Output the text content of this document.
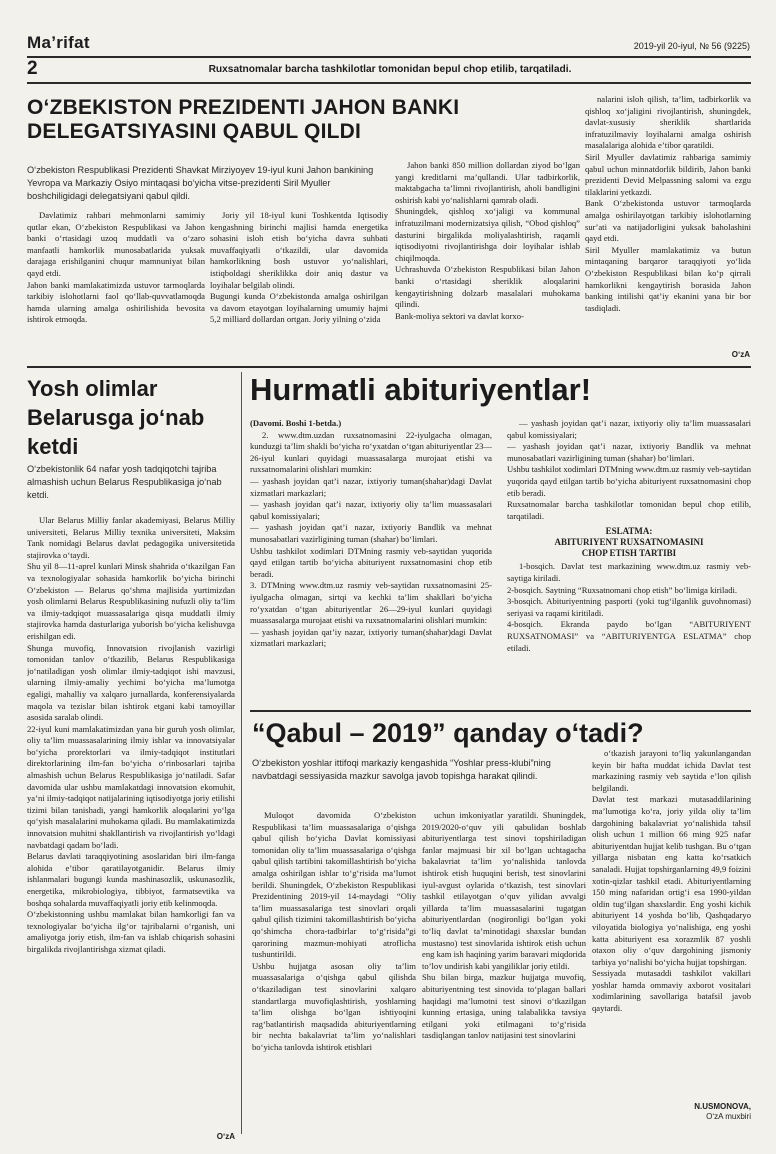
Maʼrifat	2019-yil 20-iyul, № 56 (9225)
2	Ruxsatnomalar barcha tashkilotlar tomonidan bepul chop etilib, tarqatiladi.
OʻZBEKISTON PREZIDENTI JAHON BANKI
DELEGATSIYASINI QABUL QILDI
Oʻzbekiston Respublikasi Prezidenti Shavkat Mirziyoyev 19-iyul kuni Jahon bankining Yevropa va Markaziy Osiyo mintaqasi boʻyicha vitse-prezidenti Siril Myuller boshchiligidagi delegatsiyani qabul qildi.

Davlatimiz rahbari mehmonlarni samimiy qutlar ekan, Oʻzbekiston Respublikasi va Jahon banki oʻrtasidagi uzoq muddatli va oʻzaro manfaatli hamkorlik munosabatlarida yuksak darajaga erishilganini chuqur mamnuniyat bilan qayd etdi.
Jahon banki mamlakatimizda ustuvor tarmoqlarda tarkibiy islohotlarni faol qoʻllab-quvvatlamoqda hamda ularning amalga oshirilishida bevosita ishtirok etmoqda.

Joriy yil 18-iyul kuni Toshkentda Iqtisodiy kengashning birinchi majlisi hamda energetika sohasini isloh etish boʻyicha davra suhbati muvaffaqiyatli oʻtkazildi, ular davomida hamkorlikning bosh ustuvor yoʻnalishlari, istiqboldagi sheriklikka doir aniq dastur va loyihalar belgilab olindi.
Bugungi kunda Oʻzbekistonda amalga oshirilgan va davom etayotgan loyihalarning umumiy hajmi 5,2 milliard dollardan ortgan. Joriy yilning oʻzida

Jahon banki 850 million dollardan ziyod boʻlgan yangi kreditlarni maʼqullandi. Ular tadbirkorlik, maktabgacha taʼlimni rivojlantirish, aholi bandligini oshirish kabi yoʻnalishlarni qamrab oladi.
Shuningdek, qishloq xoʻjaligi va kommunal infratuzilmani modernizatsiya qilish, “Obod qishloq” dasturini birgalikda moliyalashtirish, raqamli iqtisodiyotni rivojlantirishga doir loyihalar ishlab chiqilmoqda.
Uchrashuvda Oʻzbekiston Respublikasi bilan Jahon banki oʻrtasidagi sheriklik aloqalarini kengaytirishning dolzarb masalalari muhokama qilindi.
Bank-moliya sektori va davlat korxo-

nalarini isloh qilish, taʼlim, tadbirkorlik va qishloq xoʻjaligini rivojlantirish, shuningdek, davlat-xususiy sheriklik shartlarida infratuzilmaviy loyihalarni amalga oshirish masalalariga alohida eʼtibor qaratildi.
Siril Myuller davlatimiz rahbariga samimiy qabul uchun minnatdorlik bildirib, Jahon banki prezidenti Devid Melpassning salomi va ezgu tilaklarini yetkazdi.
Bank Oʻzbekistonda ustuvor tarmoqlarda amalga oshirilayotgan tarkibiy islohotlarning surʼati va natijadorligini yuksak baholashini qayd etdi.
Siril Myuller mamlakatimiz va butun mintaqaning barqaror taraqqiyoti yoʻlida Oʻzbekiston Respublikasi bilan koʻp qirrali hamkorlikni kengaytirish borasida Jahon banking intilishi qatʼiy ekanini yana bir bor tasdiqladi.

OʻzA
Yosh olimlar Belarusga joʻnab ketdi
Oʻzbekistonlik 64 nafar yosh tadqiqotchi tajriba almashish uchun Belarus Respublikasiga joʻnab ketdi.

Ular Belarus Milliy fanlar akademiyasi, Belarus Milliy universiteti, Belarus Milliy texnika universiteti, Maksim Tank nomidagi Belarus davlat pedagogika universitetida stajirovka oʻtaydi.
Shu yil 8—11-aprel kunlari Minsk shahrida oʻtkazilgan Fan va texnologiyalar sohasida hamkorlik boʻyicha birinchi Oʻzbekiston — Belarus qoʻshma majlisida yurtimizdan yosh olimlarni Belarus Respublikasining nufuzli oliy taʼlim va ilmiy-tadqiqot muassasalariga qisqa muddatli ilmiy stajirovka hamda dasturlariga yuborish boʻyicha kelishuvga erishilgan edi.
Shunga muvofiq, Innovatsion rivojlanish vazirligi tomonidan tanlov oʻtkazilib, Belarus Respublikasiga joʻnatiladigan yosh olimlar ilmiy-tadqiqot ishi mavzusi, ularning ilmiy-amaliy yechimi boʻyicha maʼlumotga egaligi, mahalliy va xalqaro jurnallarda, konferensiyalarda maqola va tezislar bilan ishtirok etgani kabi tamoyillar asosida saralab olindi.
22-iyul kuni mamlakatimizdan yana bir guruh yosh olimlar, oliy taʼlim muassasalarining ilmiy ishlar va innovatsiyalar boʻyicha prorektorlari va ilmiy-tadqiqot institutlari direktorlarining ilm-fan boʻyicha oʻrinbosarlari tajriba almashish uchun Belarus Respublikasiga joʻnatiladi. Safar davomida ular ushbu mamlakatdagi innovatsion ekomuhit, yaʼni ilmiy-tadqiqot natijalarining iqtisodiyotga joriy etilishi tizimi bilan tanishadi, yangi hamkorlik aloqalarini yoʻlga qoʻyish masalalarini muhokama qiladi. Bu mamlakatimizda innovatsion muhitni shakllantirish va rivojlantirish yoʻldagi navbatdagi qadam boʻladi.
Belarus davlati taraqqiyotining asoslaridan biri ilm-fanga alohida eʼtibor qaratilayotganidir. Belarus ilmiy ishlanmalari bugungi kunda mashinasozlik, uskunasozlik, energetika, mikrobiologiya, tibbiyot, farmatsevtika va boshqa sohalarda muvaffaqiyatli joriy etib kelinmoqda.
Oʻzbekistonning ushbu mamlakat bilan hamkorligi fan va texnologiyalar boʻyicha ilgʻor tajribalarni oʻrganish, uni amaliyotga joriy etish, ilm-fan va ishlab chiqarish sohasini birgalikda rivojlantirishga xizmat qiladi.

OʻzA
Hurmatli abituriyentlar!
(Davomi. Boshi 1-betda.)

2. www.dtm.uzdan ruxsatnomasini 22-iyulgacha olmagan, kunduzgi taʼlim shakli boʻyicha roʻyxatdan oʻtgan abituriyentlar 23—26-iyul kunlari quyidagi muassasalarga murojaat etishi va ruxsatnomalarini olishlari mumkin:
— yashash joyidan qatʼi nazar, ixtiyoriy tuman(shahar)dagi Davlat xizmatlari markazlari;
— yashash joyidan qatʼi nazar, ixtiyoriy oliy taʼlim muassasalari qabul komissiyalari;
— yashash joyidan qatʼi nazar, ixtiyoriy Bandlik va mehnat munosabatlari vazirligining tuman (shahar) boʻlimlari.
Ushbu tashkilot xodimlari DTMning rasmiy veb-saytidan yuqorida qayd etilgan tartib boʻyicha abituriyent ruxsatnomasini chop etib beradi.
3. DTMning www.dtm.uz rasmiy veb-saytidan ruxsatnomasini 25-iyulgacha olmagan, sirtqi va kechki taʼlim shakllari boʻyicha roʻyxatdan oʻtgan abituriyentlar 26—29-iyul kunlari quyidagi muassasalarga murojaat etishi va ruxsatnomalarini olishlari mumkin:
— yashash joyidan qatʼiy nazar, ixtiyoriy tuman(shahar)dagi Davlat xizmatlari markazlari;

— yashash joyidan qatʼi nazar, ixtiyoriy oliy taʼlim muassasalari qabul komissiyalari;
— yashash joyidan qatʼi nazar, ixtiyoriy Bandlik va mehnat munosabatlari vazirligining tuman (shahar) boʻlimlari.
Ushbu tashkilot xodimlari DTMning www.dtm.uz rasmiy veb-saytidan yuqorida qayd etilgan tartib boʻyicha abituriyent ruxsatnomasini chop etib beradi.
Ruxsatnomalar barcha tashkilotlar tomonidan bepul chop etilib, tarqatiladi.

ESLATMA:
ABITURIYENT RUXSATNOMASINI
CHOP ETISH TARTIBI

1-bosqich. Davlat test markazining www.dtm.uz rasmiy veb-saytiga kiriladi.
2-bosqich. Saytning “Ruxsatnomani chop etish” boʻlimiga kiriladi.
3-bosqich. Abituriyentning pasporti (yoki tugʻilganlik guvohnomasi) seriyasi va raqami kiritiladi.
4-bosqich. Ekranda paydo boʻlgan “ABITURIYENT RUXSATNOMASI” va “ABITURIYENTGA ESLATMA” chop etiladi.

“Qabul – 2019” qanday oʻtadi?
Oʻzbekiston yoshlar ittifoqi markaziy kengashida “Yoshlar press-klubi”ning navbatdagi sessiyasida mazkur savolga javob topishga harakat qilindi.

Muloqot davomida Oʻzbekiston Respublikasi taʼlim muassasalariga oʻqishga qabul qilish boʻyicha Davlat komissiyasi tomonidan oliy taʼlim muassasalariga oʻqishga qabul qilish tartibini takomillashtirish boʻyicha amalga oshirilgan ishlar toʻgʻrisida maʼlumot berildi. Shuningdek, Oʻzbekiston Respublikasi Prezidentining 2019-yil 14-maydagi “Oliy taʼlim muassasalariga test sinovlari orqali qabul qilish tizimini takomillashtirish boʻyicha qoʻshimcha chora-tadbirlar toʻgʻrisida”gi qarorining mazmun-mohiyati atroflicha tushuntirildi.
Ushbu hujjatga asosan oliy taʼlim muassasalariga oʻqishga qabul qilishda oʻtkaziladigan test sinovlarini xalqaro standartlarga muvofiqlashtirish, yoshlarning taʼlim olishga boʻlgan ishtiyoqini ragʻbatlantirish maqsadida abituriyentlarning bir nechta bakalavriat taʼlim yoʻnalishlari boʻyicha tanlovda ishtirok etishlari

uchun imkoniyatlar yaratildi. Shuningdek, 2019/2020-oʻquv yili qabulidan boshlab abituriyentlarga test sinovi topshiriladigan fanlar majmuasi bir xil boʻlgan uchtagacha bakalavriat taʼlim yoʻnalishida tanlovda ishtirok etish huquqini berish, test sinovlarini iyul-avgust oylarida oʻtkazish, test sinovlari tashkil etilayotgan oʻquv yilidan avvalgi yillarda taʼlim muassasalarini tugatgan abituriyentlardan (nogironligi boʻlgan yoki toʻliq davlat taʼminotidagi shaxslar bundan mustasno) test sinovlarida ishtirok etish uchun eng kam ish haqining yarim baravari miqdorida toʼlov undirish kabi yangiliklar joriy etildi.
Shu bilan birga, mazkur hujjatga muvofiq, abituriyentning test sinovida toʻplagan ballari haqidagi maʼlumotni test sinovi oʻtkazilgan kunning ertasiga, uning talabalikka tavsiya etilgani yoki etilmagani toʻgʻrisida tasdiqlangan tanlov natijasini test sinovlarini

oʻtkazish jarayoni toʻliq yakunlangandan keyin bir hafta muddat ichida Davlat test markazining rasmiy veb saytida eʼlon qilish belgilandi.
Davlat test markazi mutasaddilarining maʼlumotiga koʻra, joriy yilda oliy taʼlim dargohining bakalavriat yoʻnalishida tahsil olish uchun 1 million 66 ming 925 nafar abituriyentdan hujjat kelib tushgan. Bu oʻtgan yillarga nisbatan eng katta koʻrsatkich sanaladi. Hujjat topshirganlarning 49,9 foizini xotin-qizlar tashkil etadi. Abituriyentlarning 150 ming nafaridan ortigʻi esa 1990-yildan oldin tugʻilgan shaxslardir. Eng yoshi kichik abituriyent 14 yoshda boʻlib, Qashqadaryo viloyatida biologiya yoʻnalishiga, eng yoshi katta abituriyent esa xorazmlik 87 yoshli otaxon oliy oʻquv dargohining jismoniy tarbiya yoʻnalishi boʻyicha hujjat topshirgan.
Sessiyada mutasaddi tashkilot vakillari yoshlar hamda ommaviy axborot vositalari xodimlarining savollariga batafsil javob qaytardi.

N.USMONOVA,
OʻzA muxbiri
